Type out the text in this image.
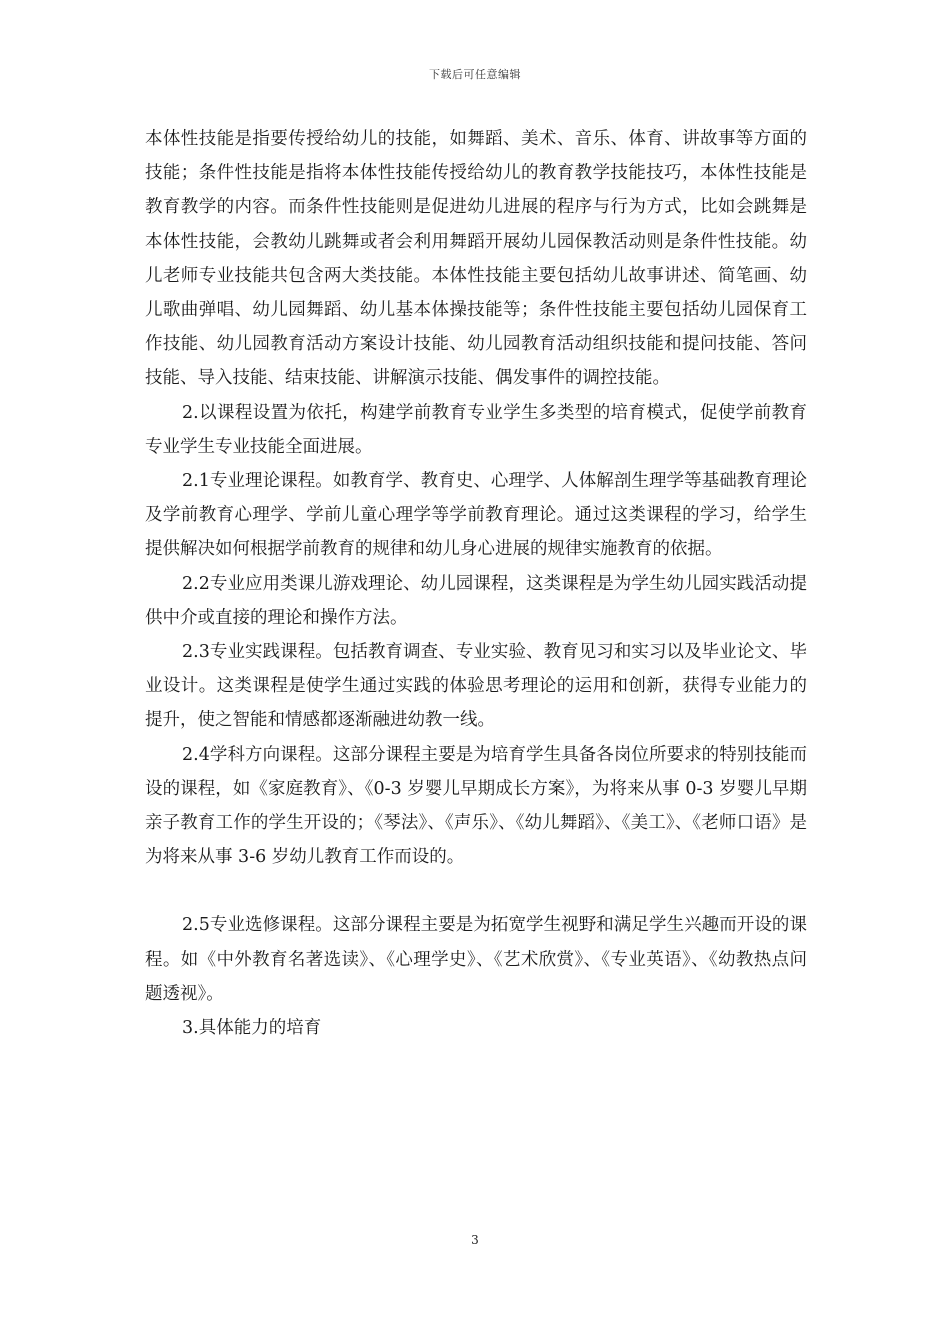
下载后可任意编辑

本体性技能是指要传授给幼儿的技能，如舞蹈、美术、音乐、体育、讲故事等方面的技能；条件性技能是指将本体性技能传授给幼儿的教育教学技能技巧，本体性技能是教育教学的内容。而条件性技能则是促进幼儿进展的程序与行为方式，比如会跳舞是本体性技能，会教幼儿跳舞或者会利用舞蹈开展幼儿园保教活动则是条件性技能。幼儿老师专业技能共包含两大类技能。本体性技能主要包括幼儿故事讲述、简笔画、幼儿歌曲弹唱、幼儿园舞蹈、幼儿基本体操技能等；条件性技能主要包括幼儿园保育工作技能、幼儿园教育活动方案设计技能、幼儿园教育活动组织技能和提问技能、答问技能、导入技能、结束技能、讲解演示技能、偶发事件的调控技能。

2.以课程设置为依托，构建学前教育专业学生多类型的培育模式，促使学前教育专业学生专业技能全面进展。

2.1专业理论课程。如教育学、教育史、心理学、人体解剖生理学等基础教育理论及学前教育心理学、学前儿童心理学等学前教育理论。通过这类课程的学习，给学生提供解决如何根据学前教育的规律和幼儿身心进展的规律实施教育的依据。

2.2专业应用类课儿游戏理论、幼儿园课程，这类课程是为学生幼儿园实践活动提供中介或直接的理论和操作方法。

2.3专业实践课程。包括教育调查、专业实验、教育见习和实习以及毕业论文、毕业设计。这类课程是使学生通过实践的体验思考理论的运用和创新，获得专业能力的提升，使之智能和情感都逐渐融进幼教一线。

2.4学科方向课程。这部分课程主要是为培育学生具备各岗位所要求的特别技能而设的课程，如《家庭教育》、《0-3 岁婴儿早期成长方案》，为将来从事 0-3 岁婴儿早期亲子教育工作的学生开设的；《琴法》、《声乐》、《幼儿舞蹈》、《美工》、《老师口语》是为将来从事 3-6 岁幼儿教育工作而设的。

2.5专业选修课程。这部分课程主要是为拓宽学生视野和满足学生兴趣而开设的课程。如《中外教育名著选读》、《心理学史》、《艺术欣赏》、《专业英语》、《幼教热点问题透视》。

3.具体能力的培育

3
